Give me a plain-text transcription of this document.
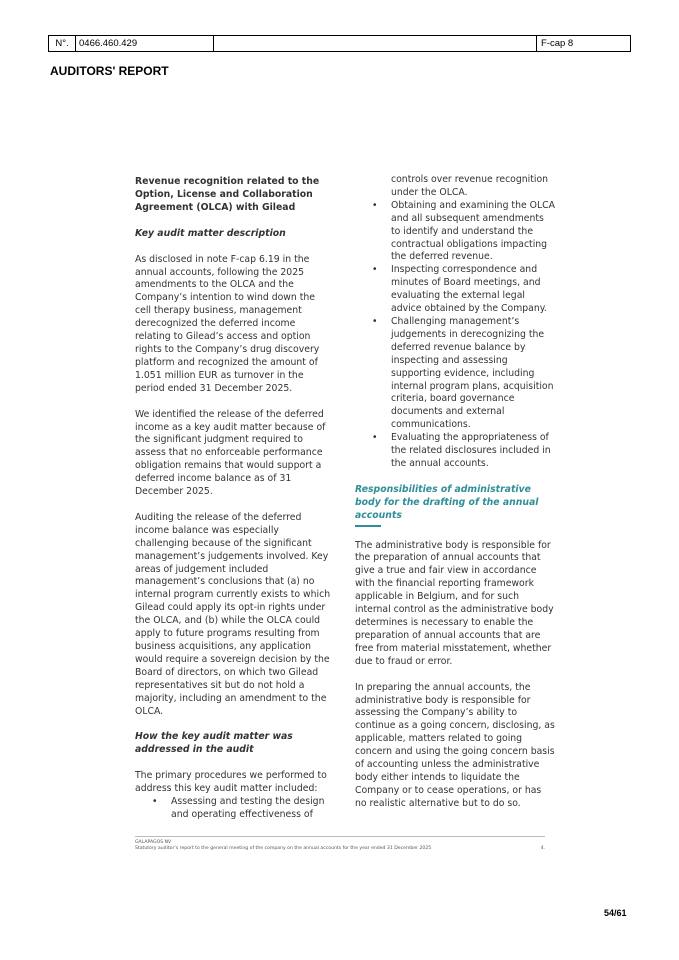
N°.	0466.460.429	F-cap 8
AUDITORS' REPORT

Revenue recognition related to the Option, License and Collaboration Agreement (OLCA) with Gilead

Key audit matter description

As disclosed in note F-cap 6.19 in the annual accounts, following the 2025 amendments to the OLCA and the Company’s intention to wind down the cell therapy business, management derecognized the deferred income relating to Gilead’s access and option rights to the Company’s drug discovery platform and recognized the amount of 1.051 million EUR as turnover in the period ended 31 December 2025.

We identified the release of the deferred income as a key audit matter because of the significant judgment required to assess that no enforceable performance obligation remains that would support a deferred income balance as of 31 December 2025.

Auditing the release of the deferred income balance was especially challenging because of the significant management’s judgements involved. Key areas of judgement included management’s conclusions that (a) no internal program currently exists to which Gilead could apply its opt-in rights under the OLCA, and (b) while the OLCA could apply to future programs resulting from business acquisitions, any application would require a sovereign decision by the Board of directors, on which two Gilead representatives sit but do not hold a majority, including an amendment to the OLCA.

How the key audit matter was addressed in the audit

The primary procedures we performed to address this key audit matter included:

• Assessing and testing the design and operating effectiveness of

controls over revenue recognition under the OLCA.

• Obtaining and examining the OLCA and all subsequent amendments to identify and understand the contractual obligations impacting the deferred revenue.
• Inspecting correspondence and minutes of Board meetings, and evaluating the external legal advice obtained by the Company.
• Challenging management’s judgements in derecognizing the deferred revenue balance by inspecting and assessing supporting evidence, including internal program plans, acquisition criteria, board governance documents and external communications.
• Evaluating the appropriateness of the related disclosures included in the annual accounts.

Responsibilities of administrative body for the drafting of the annual accounts

The administrative body is responsible for the preparation of annual accounts that give a true and fair view in accordance with the financial reporting framework applicable in Belgium, and for such internal control as the administrative body determines is necessary to enable the preparation of annual accounts that are free from material misstatement, whether due to fraud or error.

In preparing the annual accounts, the administrative body is responsible for assessing the Company’s ability to continue as a going concern, disclosing, as applicable, matters related to going concern and using the going concern basis of accounting unless the administrative body either intends to liquidate the Company or to cease operations, or has no realistic alternative but to do so.

GALAPAGOS NV
Statutory auditor’s report to the general meeting of the company on the annual accounts for the year ended 31 December 2025	4.
54/61
